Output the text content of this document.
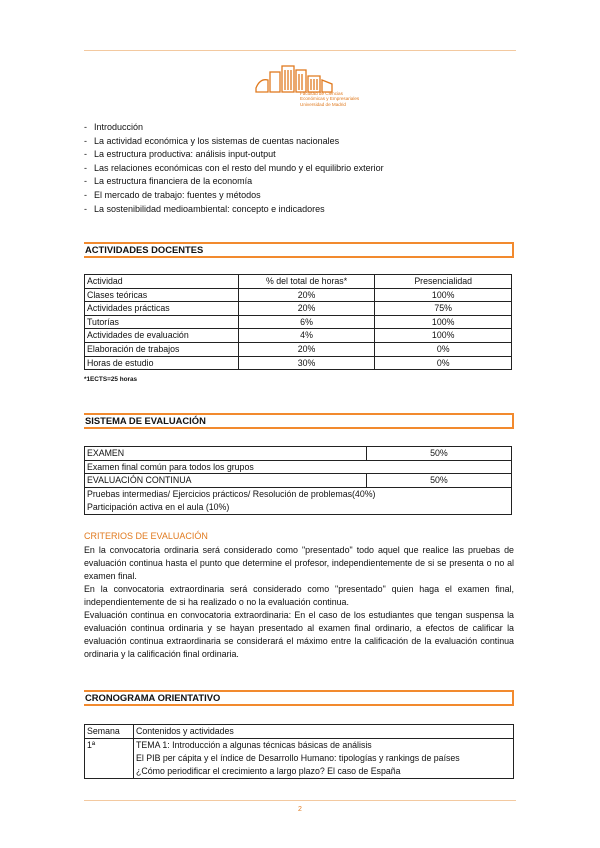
Facultad de Ciencias
Económicas y Empresariales
Universidad de Madrid
- Introducción
- La actividad económica y los sistemas de cuentas nacionales
- La estructura productiva: análisis input-output
- Las relaciones económicas con el resto del mundo y el equilibrio exterior
- La estructura financiera de la economía
- El mercado de trabajo: fuentes y métodos
- La sostenibilidad medioambiental: concepto e indicadores
ACTIVIDADES DOCENTES
Actividad	% del total de horas*	Presencialidad
Clases teóricas	20%	100%
Actividades prácticas	20%	75%
Tutorías	6%	100%
Actividades de evaluación	4%	100%
Elaboración de trabajos	20%	0%
Horas de estudio	30%	0%
*1ECTS=25 horas
SISTEMA DE EVALUACIÓN
EXAMEN	50%
Examen final común para todos los grupos	
EVALUACIÓN CONTINUA	50%

Pruebas intermedias/ Ejercicios prácticos/ Resolución de problemas(40%)
Participación activa en el aula (10%)	
CRITERIOS DE EVALUACIÓN

En la convocatoria ordinaria será considerado como "presentado" todo aquel que realice las pruebas de evaluación continua hasta el punto que determine el profesor, independientemente de si se presenta o no al examen final.

En la convocatoria extraordinaria será considerado como "presentado" quien haga el examen final, independientemente de si ha realizado o no la evaluación continua.

Evaluación continua en convocatoria extraordinaria: En el caso de los estudiantes que tengan suspensa la evaluación continua ordinaria y se hayan presentado al examen final ordinario, a efectos de calificar la evaluación continua extraordinaria se considerará el máximo entre la calificación de la evaluación continua ordinaria y la calificación final ordinaria.

CRONOGRAMA ORIENTATIVO
Semana	Contenidos y actividades
1ª	TEMA 1: Introducción a algunas técnicas básicas de análisis
El PIB per cápita y el índice de Desarrollo Humano: tipologías y rankings de países
¿Cómo periodificar el crecimiento a largo plazo? El caso de España
2
